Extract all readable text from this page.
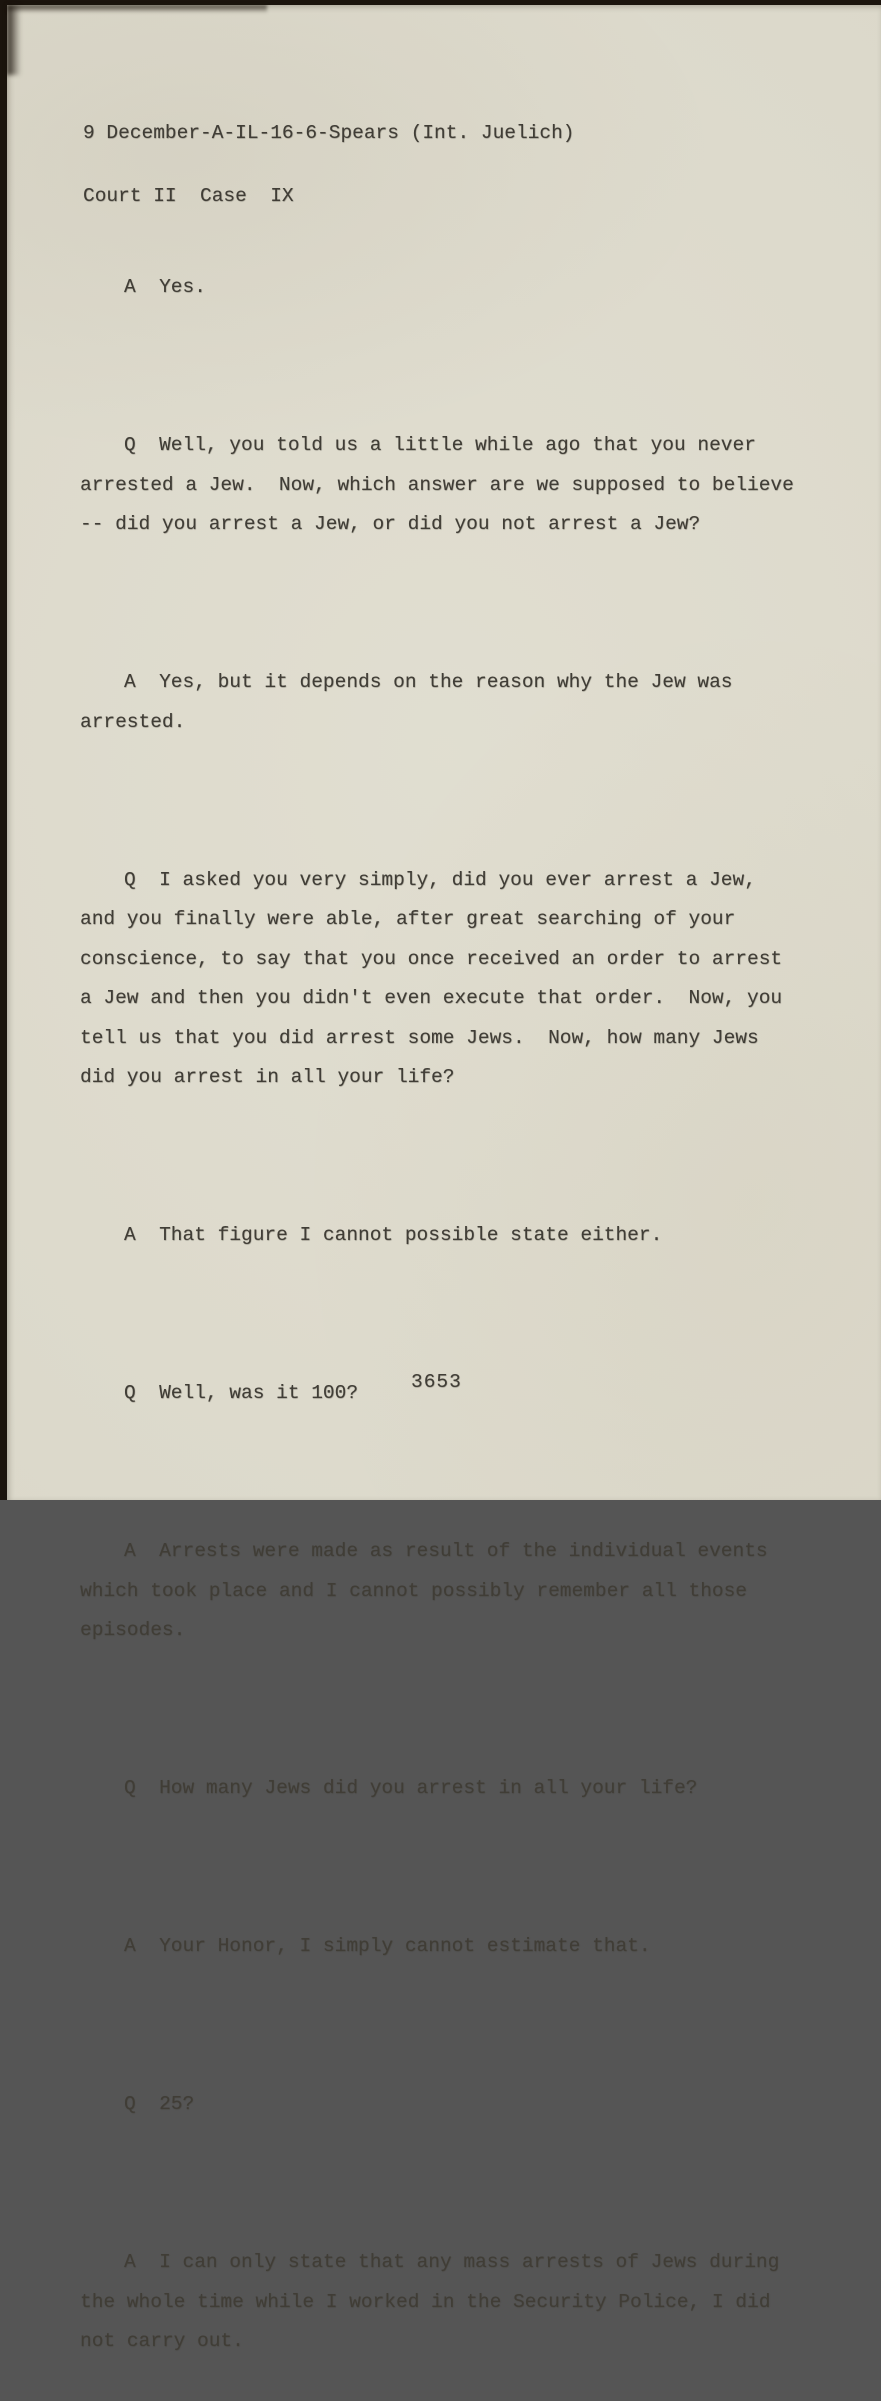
9 December-A-IL-16-6-Spears (Int. Juelich)

Court II  Case  IX

A Yes.

Q Well, you told us a little while ago that you never arrested a Jew.  Now, which answer are we supposed to believe -- did you arrest a Jew, or did you not arrest a Jew?

A Yes, but it depends on the reason why the Jew was arrested.

Q I asked you very simply, did you ever arrest a Jew, and you finally were able, after great searching of your conscience, to say that you once received an order to arrest a Jew and then you didn't even execute that order.  Now, you tell us that you did arrest some Jews.  Now, how many Jews did you arrest in all your life?

A That figure I cannot possible state either.

Q Well, was it 100?

A Arrests were made as result of the individual events which took place and I cannot possibly remember all those episodes.

Q How many Jews did you arrest in all your life?

A Your Honor, I simply cannot estimate that.

Q 25?

A I can only state that any mass arrests of Jews during the whole time while I worked in the Security Police, I did not carry out.

3653
